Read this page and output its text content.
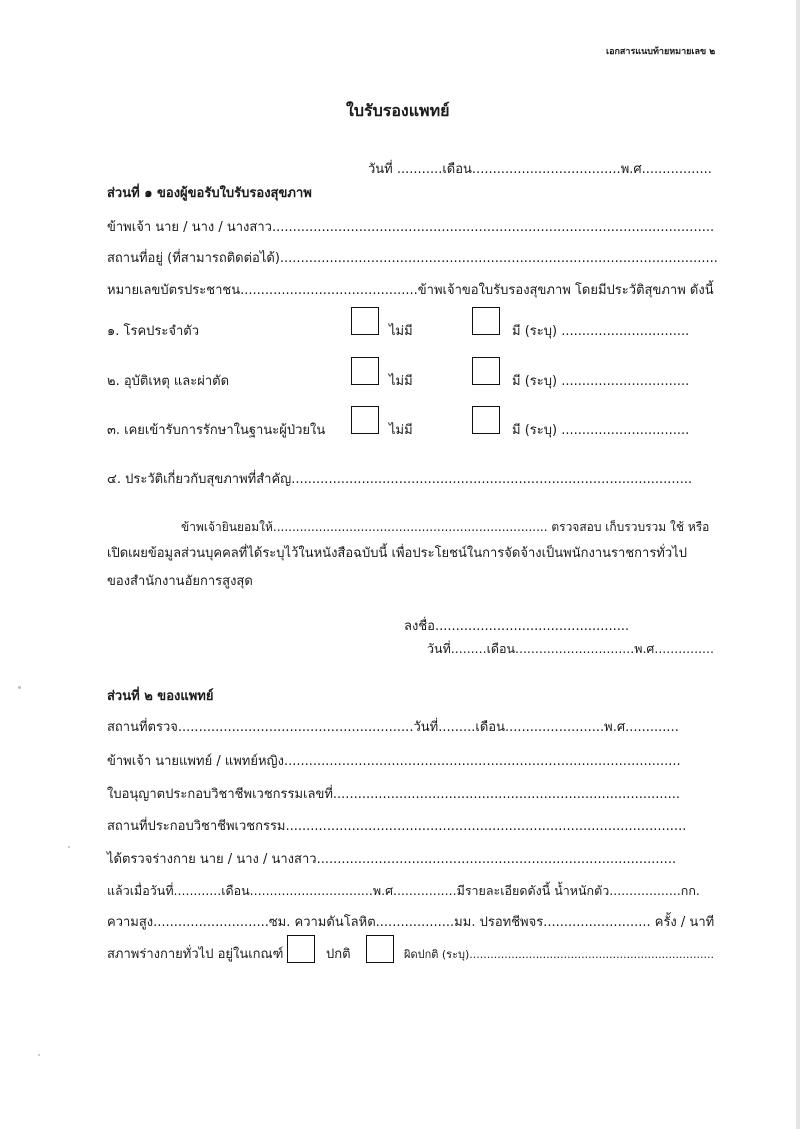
เอกสารแนบท้ายหมายเลข ๒
ใบรับรองแพทย์
วันที่ ...........เดือน....................................พ.ศ.................
ส่วนที่ ๑ ของผู้ขอรับใบรับรองสุขภาพ
ข้าพเจ้า นาย / นาง / นางสาว...........................................................................................................
สถานที่อยู่ (ที่สามารถติดต่อได้)..........................................................................................................
หมายเลขบัตรประชาชน...........................................ข้าพเจ้าขอใบรับรองสุขภาพ โดยมีประวัติสุขภาพ ดังนี้
๑. โรคประจำตัว	ไม่มี	มี (ระบุ) ...............................
๒. อุบัติเหตุ และผ่าตัด	ไม่มี	มี (ระบุ) ...............................
๓. เคยเข้ารับการรักษาในฐานะผู้ป่วยใน	ไม่มี	มี (ระบุ) ...............................
๔. ประวัติเกี่ยวกับสุขภาพที่สำคัญ.................................................................................................
ข้าพเจ้ายินยอมให้........................................................................ ตรวจสอบ เก็บรวบรวม ใช้ หรือ
เปิดเผยข้อมูลส่วนบุคคลที่ได้ระบุไว้ในหนังสือฉบับนี้ เพื่อประโยชน์ในการจัดจ้างเป็นพนักงานราชการทั่วไป
ของสำนักงานอัยการสูงสุด
ลงชื่อ...............................................
วันที่.........เดือน..............................พ.ศ...............
ส่วนที่ ๒ ของแพทย์
สถานที่ตรวจ.........................................................วันที่.........เดือน........................พ.ศ.............
ข้าพเจ้า นายแพทย์ / แพทย์หญิง................................................................................................
ใบอนุญาตประกอบวิชาชีพเวชกรรมเลขที่....................................................................................
สถานที่ประกอบวิชาชีพเวชกรรม.................................................................................................
ได้ตรวจร่างกาย นาย / นาง / นางสาว.......................................................................................
แล้วเมื่อวันที่............เดือน...............................พ.ศ................มีรายละเอียดดังนี้ น้ำหนักตัว..................กก.
ความสูง............................ซม. ความดันโลหิต...................มม. ปรอทชีพจร.......................... ครั้ง / นาที
สภาพร่างกายทั่วไป อยู่ในเกณฑ์	ปกติ	ผิดปกติ (ระบุ)......................................................................
